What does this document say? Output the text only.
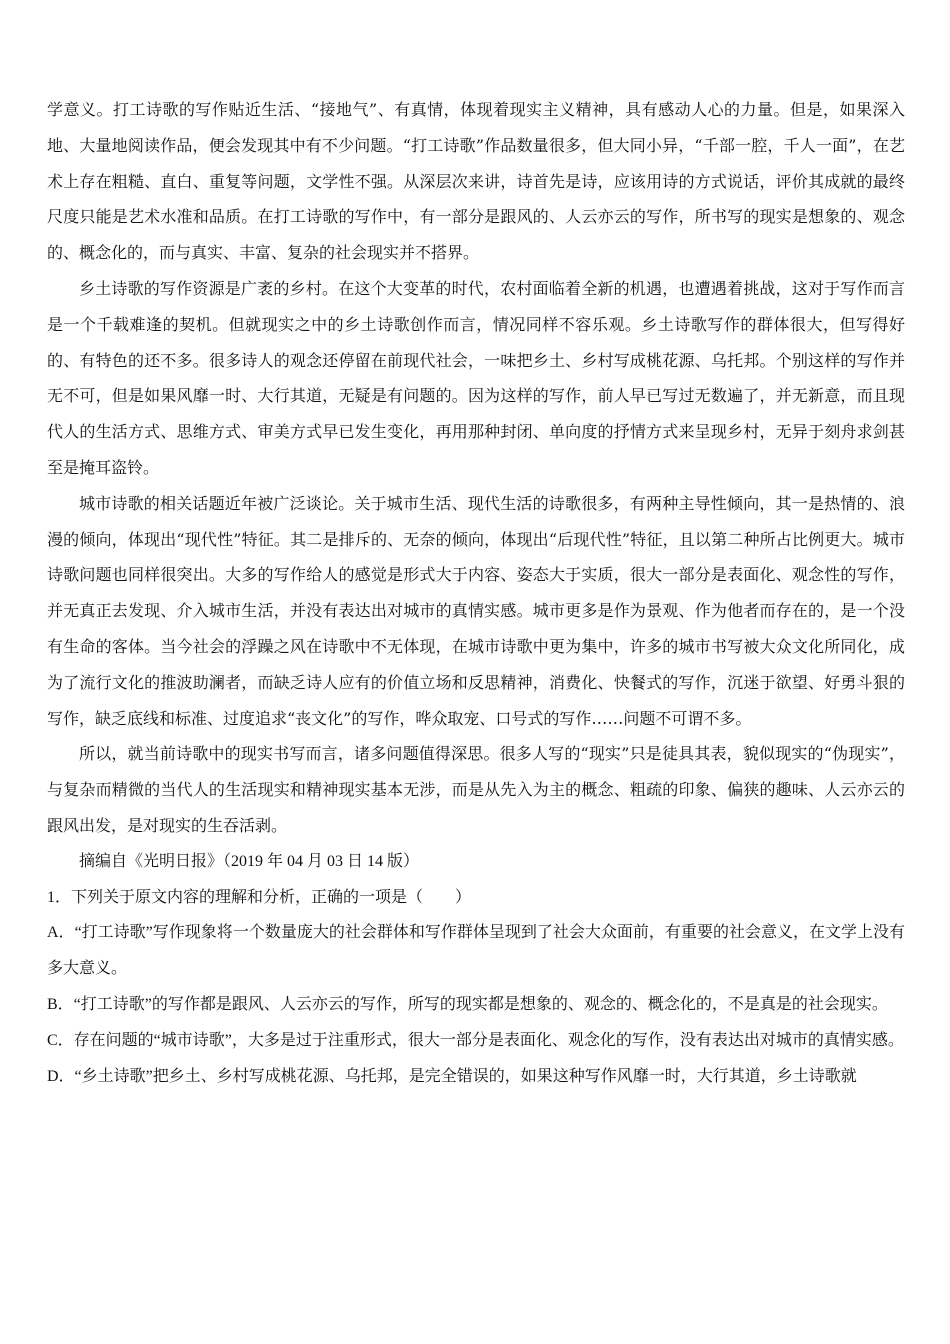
学意义。打工诗歌的写作贴近生活、“接地气”、有真情，体现着现实主义精神，具有感动人心的力量。但是，如果深入地、大量地阅读作品，便会发现其中有不少问题。“打工诗歌”作品数量很多，但大同小异，“千部一腔，千人一面”，在艺术上存在粗糙、直白、重复等问题，文学性不强。从深层次来讲，诗首先是诗，应该用诗的方式说话，评价其成就的最终尺度只能是艺术水准和品质。在打工诗歌的写作中，有一部分是跟风的、人云亦云的写作，所书写的现实是想象的、观念的、概念化的，而与真实、丰富、复杂的社会现实并不搭界。

乡土诗歌的写作资源是广袤的乡村。在这个大变革的时代，农村面临着全新的机遇，也遭遇着挑战，这对于写作而言是一个千载难逢的契机。但就现实之中的乡土诗歌创作而言，情况同样不容乐观。乡土诗歌写作的群体很大，但写得好的、有特色的还不多。很多诗人的观念还停留在前现代社会，一味把乡土、乡村写成桃花源、乌托邦。个别这样的写作并无不可，但是如果风靡一时、大行其道，无疑是有问题的。因为这样的写作，前人早已写过无数遍了，并无新意，而且现代人的生活方式、思维方式、审美方式早已发生变化，再用那种封闭、单向度的抒情方式来呈现乡村，无异于刻舟求剑甚至是掩耳盗铃。

城市诗歌的相关话题近年被广泛谈论。关于城市生活、现代生活的诗歌很多，有两种主导性倾向，其一是热情的、浪漫的倾向，体现出“现代性”特征。其二是排斥的、无奈的倾向，体现出“后现代性”特征，且以第二种所占比例更大。城市诗歌问题也同样很突出。大多的写作给人的感觉是形式大于内容、姿态大于实质，很大一部分是表面化、观念性的写作，并无真正去发现、介入城市生活，并没有表达出对城市的真情实感。城市更多是作为景观、作为他者而存在的，是一个没有生命的客体。当今社会的浮躁之风在诗歌中不无体现，在城市诗歌中更为集中，许多的城市书写被大众文化所同化，成为了流行文化的推波助澜者，而缺乏诗人应有的价值立场和反思精神，消费化、快餐式的写作，沉迷于欲望、好勇斗狠的写作，缺乏底线和标准、过度追求“丧文化”的写作，哗众取宠、口号式的写作……问题不可谓不多。

所以，就当前诗歌中的现实书写而言，诸多问题值得深思。很多人写的“现实”只是徒具其表，貌似现实的“伪现实”，与复杂而精微的当代人的生活现实和精神现实基本无涉，而是从先入为主的概念、粗疏的印象、偏狭的趣味、人云亦云的跟风出发，是对现实的生吞活剥。

摘编自《光明日报》（2019 年 04 月 03 日 14 版）

1．下列关于原文内容的理解和分析，正确的一项是（　　）

A．“打工诗歌”写作现象将一个数量庞大的社会群体和写作群体呈现到了社会大众面前，有重要的社会意义，在文学上没有多大意义。

B．“打工诗歌”的写作都是跟风、人云亦云的写作，所写的现实都是想象的、观念的、概念化的，不是真是的社会现实。

C．存在问题的“城市诗歌”，大多是过于注重形式，很大一部分是表面化、观念化的写作，没有表达出对城市的真情实感。

D．“乡土诗歌”把乡土、乡村写成桃花源、乌托邦，是完全错误的，如果这种写作风靡一时，大行其道，乡土诗歌就
